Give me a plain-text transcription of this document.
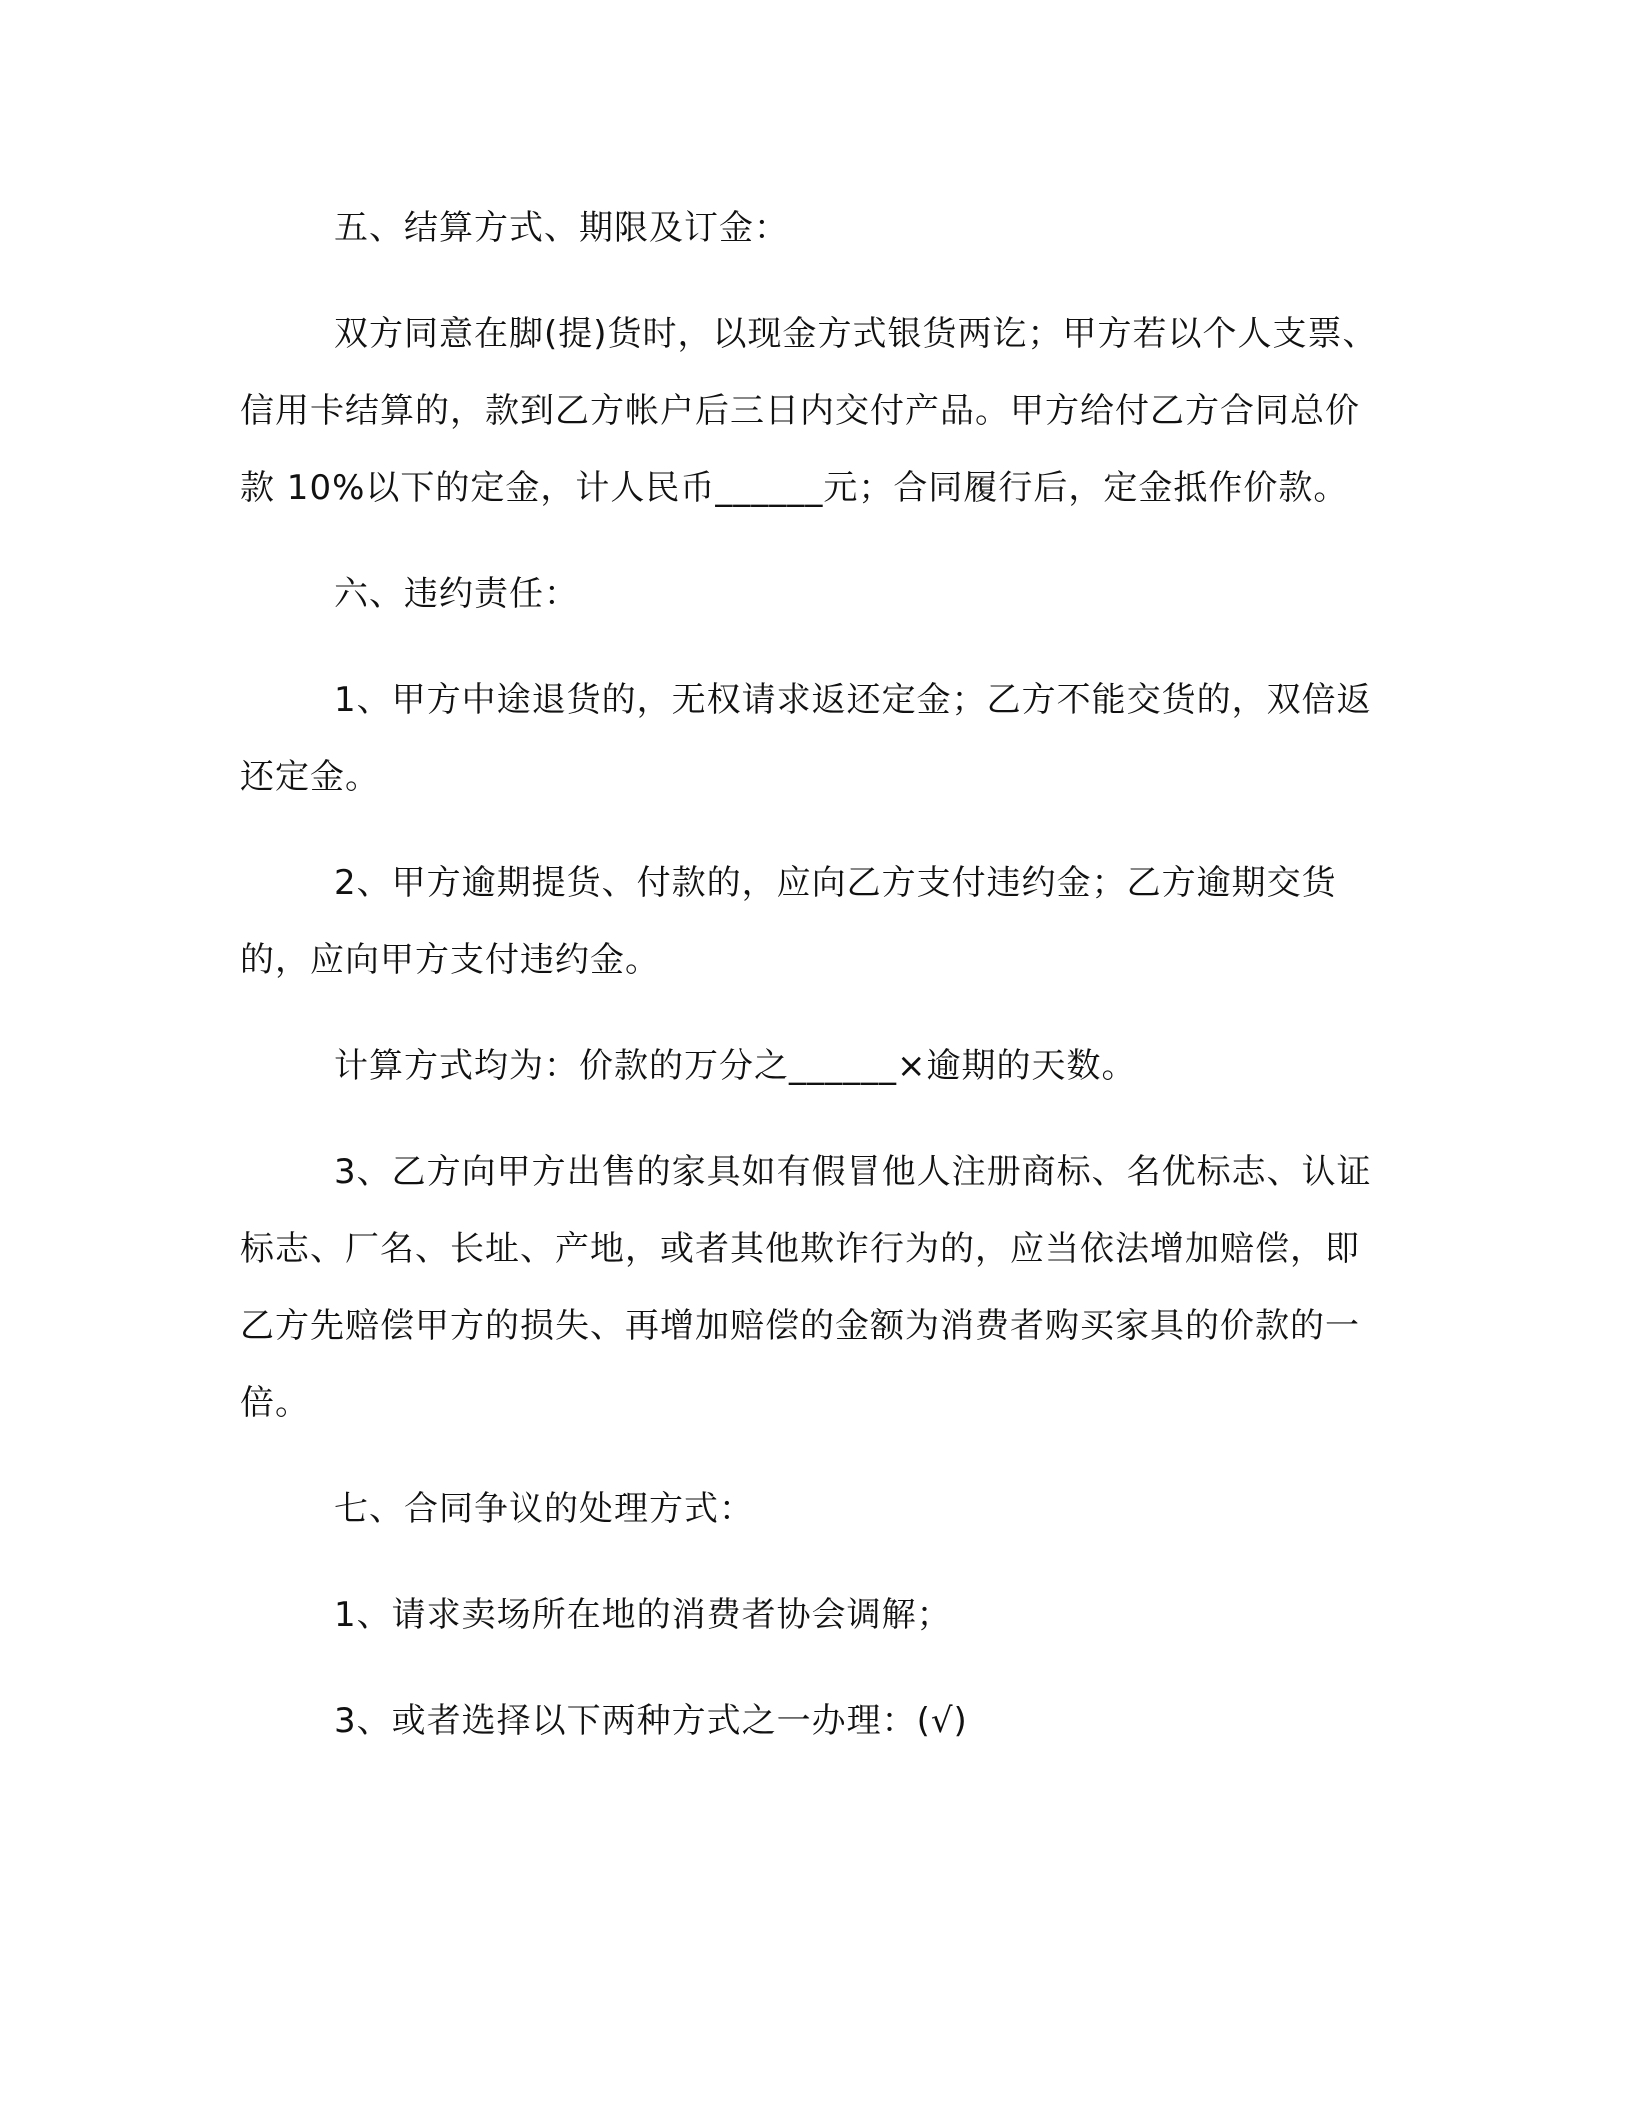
五、结算方式、期限及订金：

双方同意在脚(提)货时，以现金方式银货两讫；甲方若以个人支票、信用卡结算的，款到乙方帐户后三日内交付产品。甲方给付乙方合同总价款 10%以下的定金，计人民币______元；合同履行后，定金抵作价款。

六、违约责任：

1、甲方中途退货的，无权请求返还定金；乙方不能交货的，双倍返还定金。

2、甲方逾期提货、付款的，应向乙方支付违约金；乙方逾期交货的，应向甲方支付违约金。

计算方式均为：价款的万分之______×逾期的天数。

3、乙方向甲方出售的家具如有假冒他人注册商标、名优标志、认证标志、厂名、长址、产地，或者其他欺诈行为的，应当依法增加赔偿，即乙方先赔偿甲方的损失、再增加赔偿的金额为消费者购买家具的价款的一倍。

七、合同争议的处理方式：

1、请求卖场所在地的消费者协会调解；

3、或者选择以下两种方式之一办理：(√)
